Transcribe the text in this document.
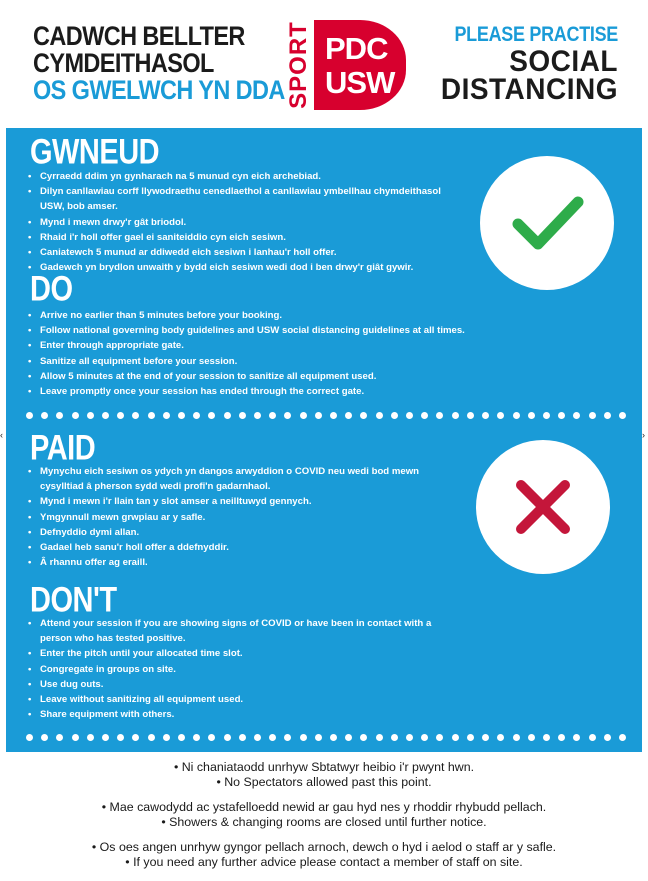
CADWCH BELLTER
CYMDEITHASOL
OS GWELWCH YN DDA SPORT PDC
USW
PLEASE PRACTISE
SOCIAL
DISTANCING
‹	›
GWNEUD
• Cyrraedd ddim yn gynharach na 5 munud cyn eich archebiad.
• Dilyn canllawiau corff llywodraethu cenedlaethol a canllawiau ymbellhau chymdeithasol USW, bob amser.
• Mynd i mewn drwy'r gât briodol.
• Rhaid i'r holl offer gael ei saniteiddio cyn eich sesiwn.
• Caniatewch 5 munud ar ddiwedd eich sesiwn i lanhau'r holl offer.
• Gadewch yn brydlon unwaith y bydd eich sesiwn wedi dod i ben drwy'r giât gywir.
DO
• Arrive no earlier than 5 minutes before your booking.
• Follow national governing body guidelines and USW social distancing guidelines at all times.
• Enter through appropriate gate.
• Sanitize all equipment before your session.
• Allow 5 minutes at the end of your session to sanitize all equipment used.
• Leave promptly once your session has ended through the correct gate.
PAID
• Mynychu eich sesiwn os ydych yn dangos arwyddion o COVID neu wedi bod mewn cysylltiad â pherson sydd wedi profi'n gadarnhaol.
• Mynd i mewn i'r llain tan y slot amser a neilltuwyd gennych.
• Ymgynnull mewn grwpiau ar y safle.
• Defnyddio dymi allan.
• Gadael heb sanu'r holl offer a ddefnyddir.
• Â rhannu offer ag eraill.
DON'T
• Attend your session if you are showing signs of COVID or have been in contact with a person who has tested positive.
• Enter the pitch until your allocated time slot.
• Congregate in groups on site.
• Use dug outs.
• Leave without sanitizing all equipment used.
• Share equipment with others.

• Ni chaniataodd unrhyw Sbtatwyr heibio i'r pwynt hwn.

• No Spectators allowed past this point.

• Mae cawodydd ac ystafelloedd newid ar gau hyd nes y rhoddir rhybudd pellach.

• Showers & changing rooms are closed until further notice.

• Os oes angen unrhyw gyngor pellach arnoch, dewch o hyd i aelod o staff ar y safle.

• If you need any further advice please contact a member of staff on site.
